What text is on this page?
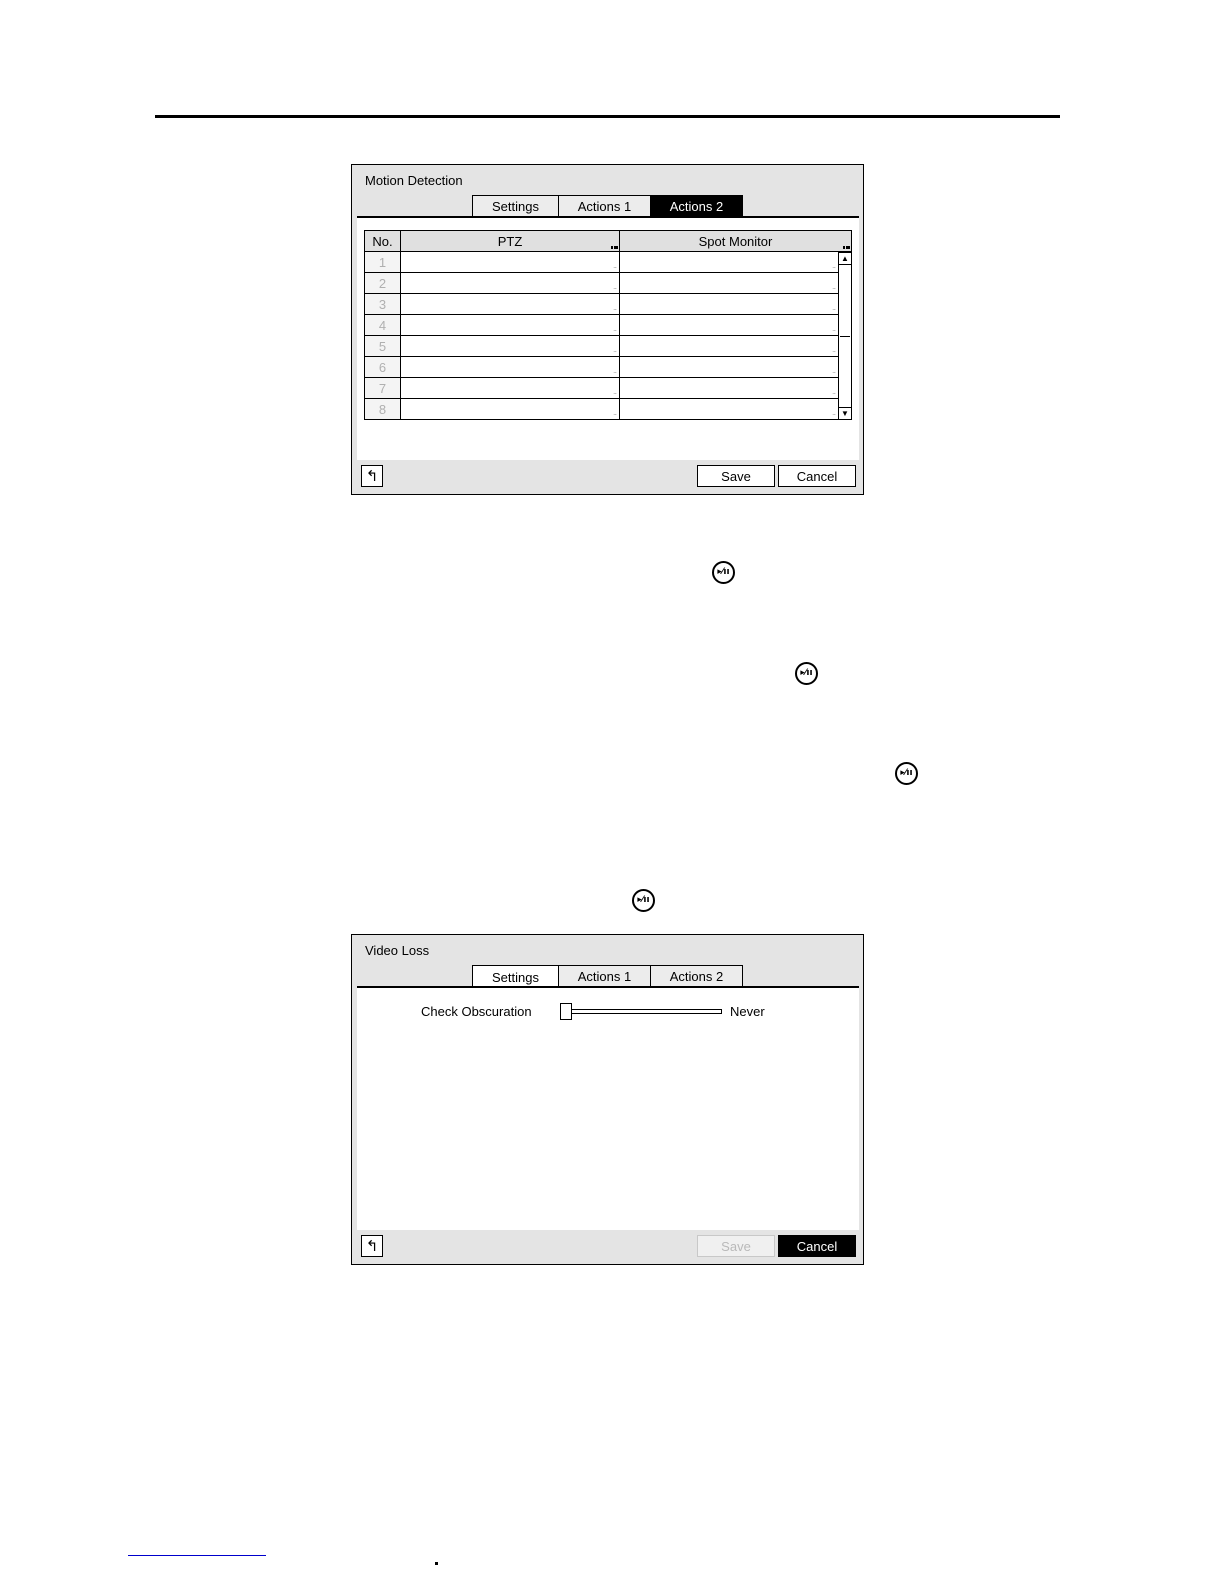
Motion Detection
Settings	Actions 1	Actions 2
No.	PTZ	Spot Monitor
1	...	...
2	...	...
3	...	...
4	...	...
5	...	...
6	...	...
7	...	...
8	...	...
▲
▼
↰	Save	Cancel
▸⁄ıı
▸⁄ıı
▸⁄ıı
▸⁄ıı
Video Loss
Settings	Actions 1	Actions 2
Check Obscuration	Never
↰	Save	Cancel
